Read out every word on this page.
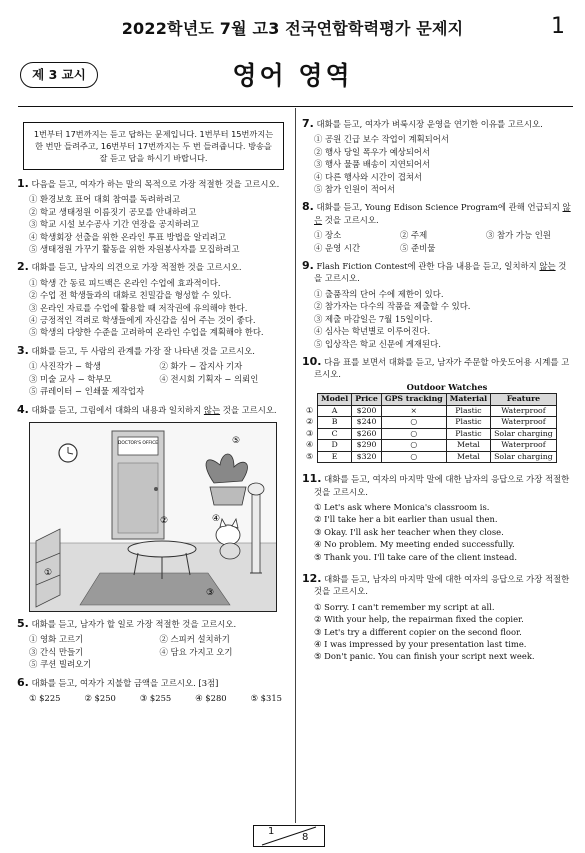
2022학년도 7월 고3 전국연합학력평가 문제지	1
제 3 교시	영어 영역
1번부터 17번까지는 듣고 답하는 문제입니다. 1번부터 15번까지는 한 번만 들려주고, 16번부터 17번까지는 두 번 들려줍니다. 방송을 잘 듣고 답을 하시기 바랍니다.
1. 다음을 듣고, 여자가 하는 말의 목적으로 가장 적절한 것을 고르시오.
① 환경보호 표어 대회 참여를 독려하려고
② 학교 생태정원 이름짓기 공모를 안내하려고
③ 학교 시설 보수공사 기간 연장을 공지하려고
④ 학생회장 선출을 위한 온라인 투표 방법을 알리려고
⑤ 생태정원 가꾸기 활동을 위한 자원봉사자를 모집하려고
2. 대화를 듣고, 남자의 의견으로 가장 적절한 것을 고르시오.
① 학생 간 동료 피드백은 온라인 수업에 효과적이다.
② 수업 전 학생들과의 대화로 친밀감을 형성할 수 있다.
③ 온라인 자료를 수업에 활용할 때 저작권에 유의해야 한다.
④ 긍정적인 격려로 학생들에게 자신감을 심어 주는 것이 좋다.
⑤ 학생의 다양한 수준을 고려하여 온라인 수업을 계획해야 한다.
3. 대화를 듣고, 두 사람의 관계를 가장 잘 나타낸 것을 고르시오.
① 사진작가 − 학생	② 화가 − 잡지사 기자
③ 미술 교사 − 학부모	④ 전시회 기획자 − 의뢰인
⑤ 큐레이터 − 인쇄물 제작업자
4. 대화를 듣고, 그림에서 대화의 내용과 일치하지 않는 것을 고르시오.
DOCTOR'S OFFICE
①
②
③
④
⑤
5. 대화를 듣고, 남자가 할 일로 가장 적절한 것을 고르시오.
① 영화 고르기	② 스피커 설치하기
③ 간식 만들기	④ 담요 가지고 오기
⑤ 쿠션 빌려오기
6. 대화를 듣고, 여자가 지불할 금액을 고르시오. [3점]
① $225	② $250	③ $255	④ $280	⑤ $315
7. 대화를 듣고, 여자가 벼룩시장 운영을 연기한 이유를 고르시오.
① 공원 긴급 보수 작업이 계획되어서
② 행사 당일 폭우가 예상되어서
③ 행사 물품 배송이 지연되어서
④ 다른 행사와 시간이 겹쳐서
⑤ 참가 인원이 적어서
8. 대화를 듣고, Young Edison Science Program에 관해 언급되지 않은 것을 고르시오.
① 장소	② 주제	③ 참가 가능 인원
④ 운영 시간	⑤ 준비물
9. Flash Fiction Contest에 관한 다음 내용을 듣고, 일치하지 않는 것을 고르시오.
① 출품작의 단어 수에 제한이 있다.
② 참가자는 다수의 작품을 제출할 수 있다.
③ 제출 마감일은 7월 15일이다.
④ 심사는 학년별로 이루어진다.
⑤ 입상작은 학교 신문에 게재된다.
10. 다음 표를 보면서 대화를 듣고, 남자가 주문할 아웃도어용 시계를 고르시오.
Outdoor Watches
	Model	Price	GPS tracking	Material	Feature
①	A	$200	×	Plastic	Waterproof
②	B	$240	○	Plastic	Waterproof
③	C	$260	○	Plastic	Solar charging
④	D	$290	○	Metal	Waterproof
⑤	E	$320	○	Metal	Solar charging
11. 대화를 듣고, 여자의 마지막 말에 대한 남자의 응답으로 가장 적절한 것을 고르시오.
① Let's ask where Monica's classroom is.
② I'll take her a bit earlier than usual then.
③ Okay. I'll ask her teacher when they close.
④ No problem. My meeting ended successfully.
⑤ Thank you. I'll take care of the client instead.
12. 대화를 듣고, 남자의 마지막 말에 대한 여자의 응답으로 가장 적절한 것을 고르시오.
① Sorry. I can't remember my script at all.
② With your help, the repairman fixed the copier.
③ Let's try a different copier on the second floor.
④ I was impressed by your presentation last time.
⑤ Don't panic. You can finish your script next week.
1
8
